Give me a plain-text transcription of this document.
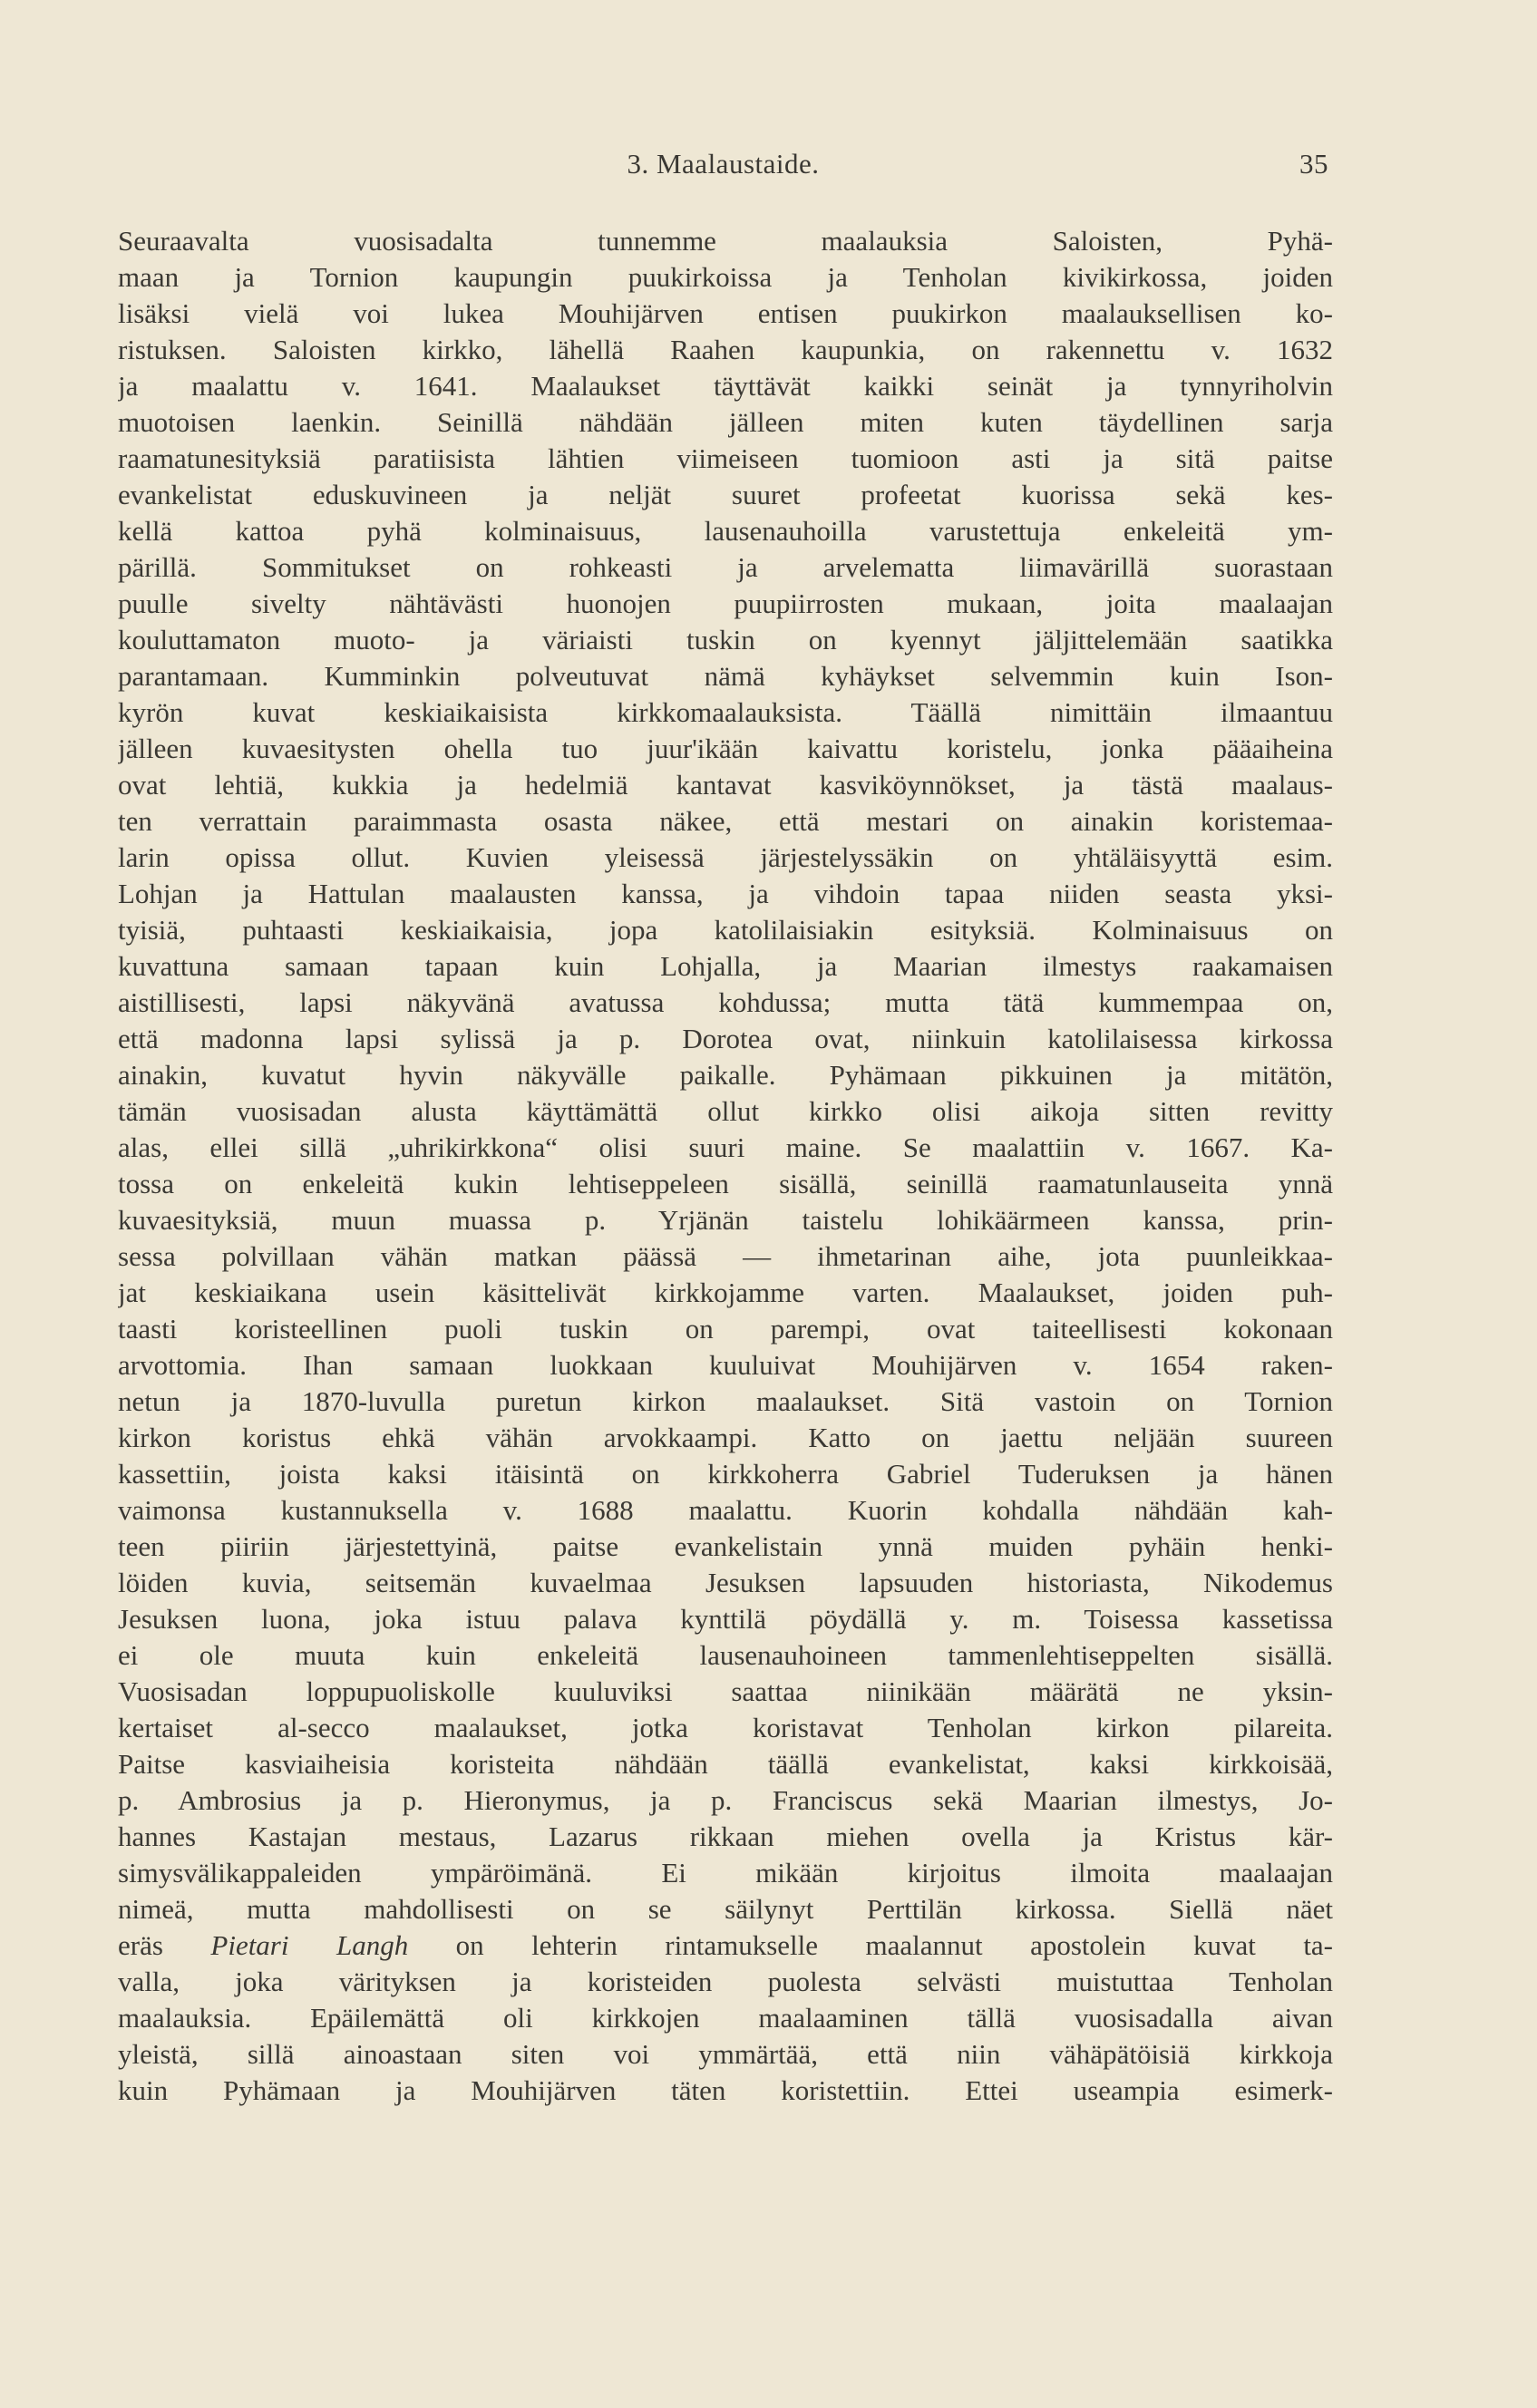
3. Maalaustaide.	35
Seuraavalta vuosisadalta tunnemme maalauksia Saloisten, Pyhä-
maan ja Tornion kaupungin puukirkoissa ja Tenholan kivikirkossa, joiden
lisäksi vielä voi lukea Mouhijärven entisen puukirkon maalauksellisen ko-
ristuksen. Saloisten kirkko, lähellä Raahen kaupunkia, on rakennettu v. 1632
ja maalattu v. 1641. Maalaukset täyttävät kaikki seinät ja tynnyriholvin
muotoisen laenkin. Seinillä nähdään jälleen miten kuten täydellinen sarja
raamatunesityksiä paratiisista lähtien viimeiseen tuomioon asti ja sitä paitse
evankelistat eduskuvineen ja neljät suuret profeetat kuorissa sekä kes-
kellä kattoa pyhä kolminaisuus, lausenauhoilla varustettuja enkeleitä ym-
pärillä. Sommitukset on rohkeasti ja arvelematta liimavärillä suorastaan
puulle sivelty nähtävästi huonojen puupiirrosten mukaan, joita maalaajan
kouluttamaton muoto- ja väriaisti tuskin on kyennyt jäljittelemään saatikka
parantamaan. Kumminkin polveutuvat nämä kyhäykset selvemmin kuin Ison-
kyrön kuvat keskiaikaisista kirkkomaalauksista. Täällä nimittäin ilmaantuu
jälleen kuvaesitysten ohella tuo juur'ikään kaivattu koristelu, jonka pääaiheina
ovat lehtiä, kukkia ja hedelmiä kantavat kasviköynnökset, ja tästä maalaus-
ten verrattain paraimmasta osasta näkee, että mestari on ainakin koristemaa-
larin opissa ollut. Kuvien yleisessä järjestelyssäkin on yhtäläisyyttä esim.
Lohjan ja Hattulan maalausten kanssa, ja vihdoin tapaa niiden seasta yksi-
tyisiä, puhtaasti keskiaikaisia, jopa katolilaisiakin esityksiä. Kolminaisuus on
kuvattuna samaan tapaan kuin Lohjalla, ja Maarian ilmestys raakamaisen
aistillisesti, lapsi näkyvänä avatussa kohdussa; mutta tätä kummempaa on,
että madonna lapsi sylissä ja p. Dorotea ovat, niinkuin katolilaisessa kirkossa
ainakin, kuvatut hyvin näkyvälle paikalle. Pyhämaan pikkuinen ja mitätön,
tämän vuosisadan alusta käyttämättä ollut kirkko olisi aikoja sitten revitty
alas, ellei sillä „uhrikirkkona“ olisi suuri maine. Se maalattiin v. 1667. Ka-
tossa on enkeleitä kukin lehtiseppeleen sisällä, seinillä raamatunlauseita ynnä
kuvaesityksiä, muun muassa p. Yrjänän taistelu lohikäärmeen kanssa, prin-
sessa polvillaan vähän matkan päässä — ihmetarinan aihe, jota puunleikkaa-
jat keskiaikana usein käsittelivät kirkkojamme varten. Maalaukset, joiden puh-
taasti koristeellinen puoli tuskin on parempi, ovat taiteellisesti kokonaan
arvottomia. Ihan samaan luokkaan kuuluivat Mouhijärven v. 1654 raken-
netun ja 1870-luvulla puretun kirkon maalaukset. Sitä vastoin on Tornion
kirkon koristus ehkä vähän arvokkaampi. Katto on jaettu neljään suureen
kassettiin, joista kaksi itäisintä on kirkkoherra Gabriel Tuderuksen ja hänen
vaimonsa kustannuksella v. 1688 maalattu. Kuorin kohdalla nähdään kah-
teen piiriin järjestettyinä, paitse evankelistain ynnä muiden pyhäin henki-
löiden kuvia, seitsemän kuvaelmaa Jesuksen lapsuuden historiasta, Nikodemus
Jesuksen luona, joka istuu palava kynttilä pöydällä y. m. Toisessa kassetissa
ei ole muuta kuin enkeleitä lausenauhoineen tammenlehtiseppelten sisällä.
Vuosisadan loppupuoliskolle kuuluviksi saattaa niinikään määrätä ne yksin-
kertaiset al-secco maalaukset, jotka koristavat Tenholan kirkon pilareita.
Paitse kasviaiheisia koristeita nähdään täällä evankelistat, kaksi kirkkoisää,
p. Ambrosius ja p. Hieronymus, ja p. Franciscus sekä Maarian ilmestys, Jo-
hannes Kastajan mestaus, Lazarus rikkaan miehen ovella ja Kristus kär-
simysvälikappaleiden ympäröimänä. Ei mikään kirjoitus ilmoita maalaajan
nimeä, mutta mahdollisesti on se säilynyt Perttilän kirkossa. Siellä näet
eräs Pietari Langh on lehterin rintamukselle maalannut apostolein kuvat ta-
valla, joka värityksen ja koristeiden puolesta selvästi muistuttaa Tenholan
maalauksia. Epäilemättä oli kirkkojen maalaaminen tällä vuosisadalla aivan
yleistä, sillä ainoastaan siten voi ymmärtää, että niin vähäpätöisiä kirkkoja
kuin Pyhämaan ja Mouhijärven täten koristettiin. Ettei useampia esimerk-
